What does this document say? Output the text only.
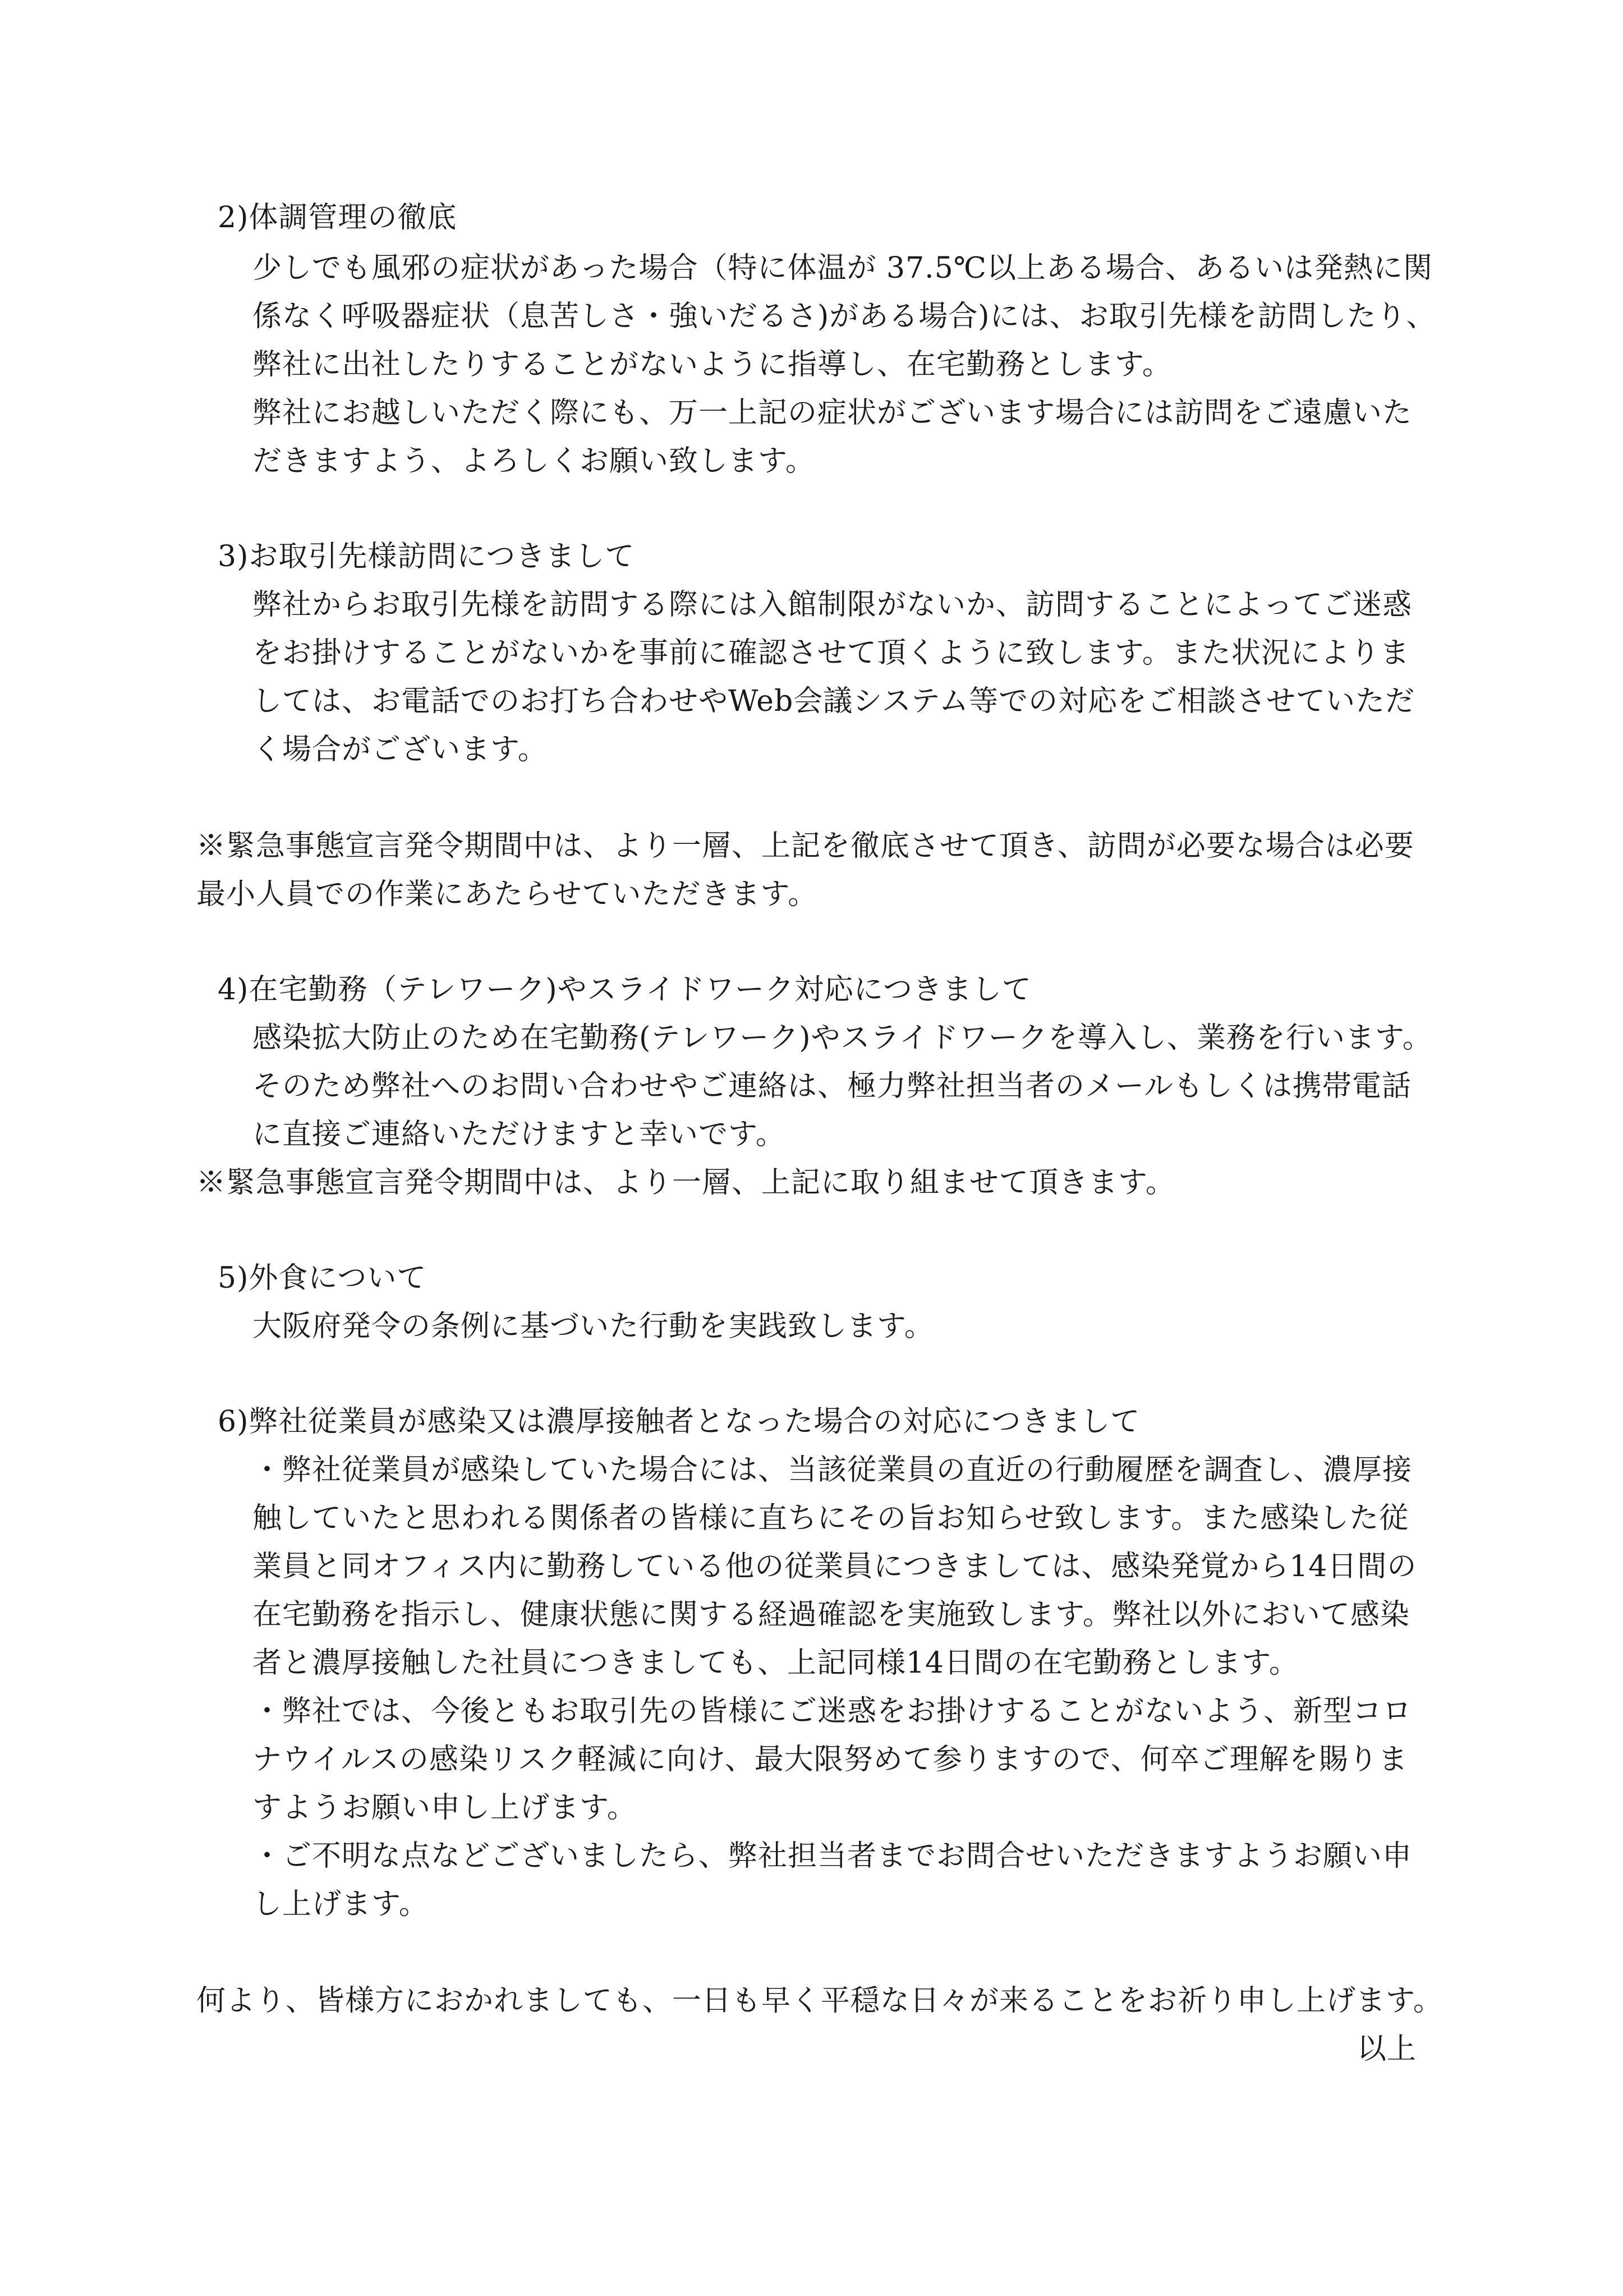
2)体調管理の徹底
少しでも風邪の症状があった場合（特に体温が 37.5℃以上ある場合、あるいは発熱に関
係なく呼吸器症状（息苦しさ・強いだるさ)がある場合)には、お取引先様を訪問したり、
弊社に出社したりすることがないように指導し、在宅勤務とします。
弊社にお越しいただく際にも、万一上記の症状がございます場合には訪問をご遠慮いた
だきますよう、よろしくお願い致します。
3)お取引先様訪問につきまして
弊社からお取引先様を訪問する際には入館制限がないか、訪問することによってご迷惑
をお掛けすることがないかを事前に確認させて頂くように致します。また状況によりま
しては、お電話でのお打ち合わせやWeb会議システム等での対応をご相談させていただ
く場合がございます。
※緊急事態宣言発令期間中は、より一層、上記を徹底させて頂き、訪問が必要な場合は必要
最小人員での作業にあたらせていただきます。
4)在宅勤務（テレワーク)やスライドワーク対応につきまして
感染拡大防止のため在宅勤務(テレワーク)やスライドワークを導入し、業務を行います。
そのため弊社へのお問い合わせやご連絡は、極力弊社担当者のメールもしくは携帯電話
に直接ご連絡いただけますと幸いです。
※緊急事態宣言発令期間中は、より一層、上記に取り組ませて頂きます。
5)外食について
大阪府発令の条例に基づいた行動を実践致します。
6)弊社従業員が感染又は濃厚接触者となった場合の対応につきまして
・弊社従業員が感染していた場合には、当該従業員の直近の行動履歴を調査し、濃厚接
触していたと思われる関係者の皆様に直ちにその旨お知らせ致します。また感染した従
業員と同オフィス内に勤務している他の従業員につきましては、感染発覚から14日間の
在宅勤務を指示し、健康状態に関する経過確認を実施致します。弊社以外において感染
者と濃厚接触した社員につきましても、上記同様14日間の在宅勤務とします。
・弊社では、今後ともお取引先の皆様にご迷惑をお掛けすることがないよう、新型コロ
ナウイルスの感染リスク軽減に向け、最大限努めて参りますので、何卒ご理解を賜りま
すようお願い申し上げます。
・ご不明な点などございましたら、弊社担当者までお問合せいただきますようお願い申
し上げます。
何より、皆様方におかれましても、一日も早く平穏な日々が来ることをお祈り申し上げます。
以上
